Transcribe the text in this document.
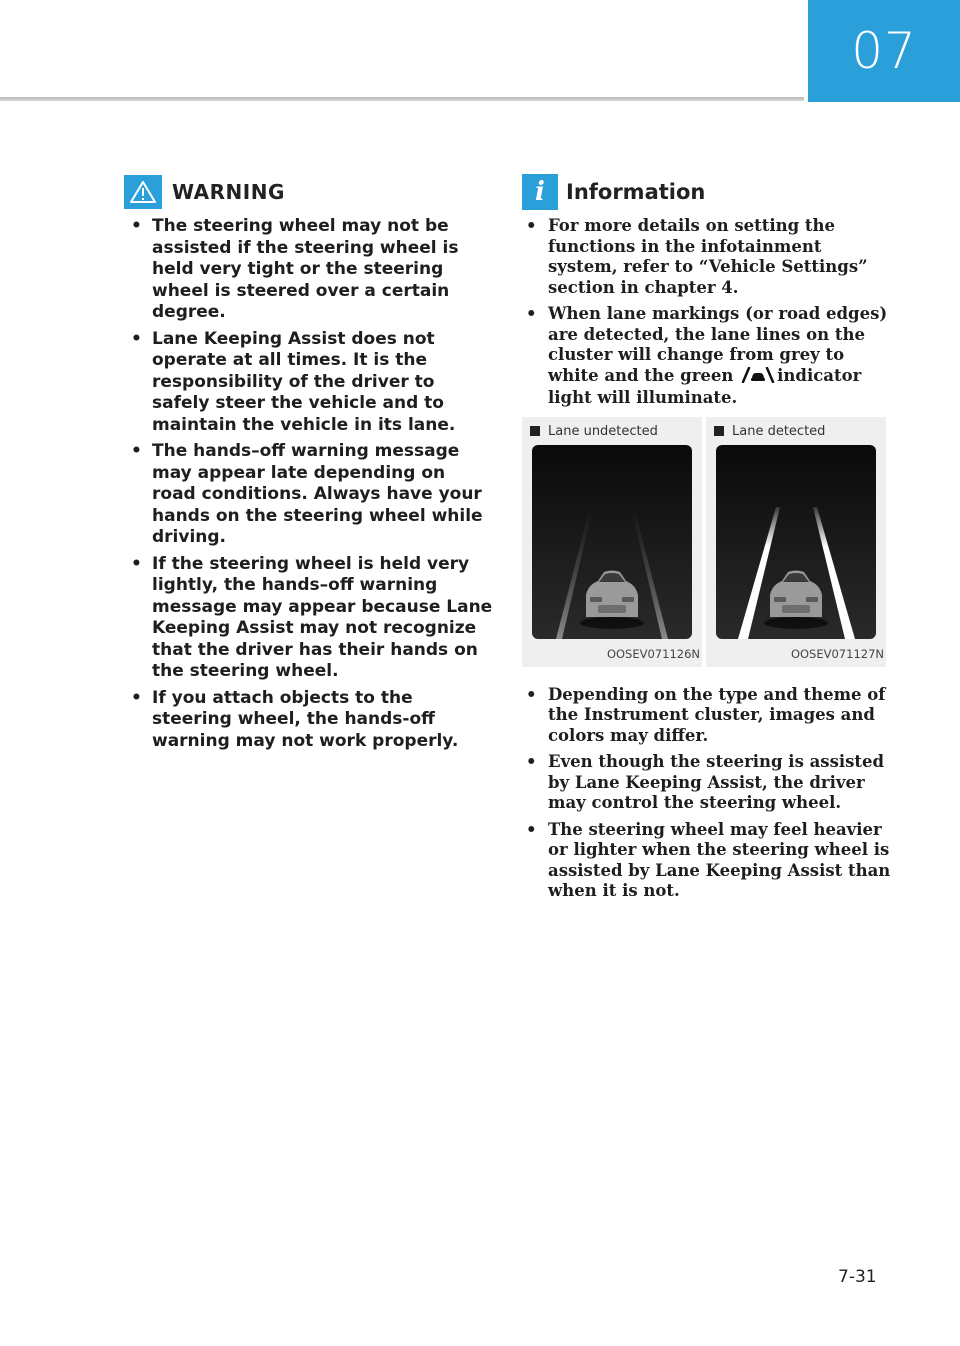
07
WARNING
• The steering wheel may not be assisted if the steering wheel is held very tight or the steering wheel is steered over a certain degree.
• Lane Keeping Assist does not operate at all times. It is the responsibility of the driver to safely steer the vehicle and to maintain the vehicle in its lane.
• The hands–off warning message may appear late depending on road conditions. Always have your hands on the steering wheel while driving.
• If the steering wheel is held very lightly, the hands–off warning message may appear because Lane Keeping Assist may not recognize that the driver has their hands on the steering wheel.
• If you attach objects to the steering wheel, the hands-off warning may not work properly.
i Information
• For more details on setting the functions in the infotainment system, refer to “Vehicle Settings” section in chapter 4.
• When lane markings (or road edges) are detected, the lane lines on the cluster will change from grey to white and the green	indicator light will illuminate.
Lane undetected
OOSEV071126N
Lane detected
OOSEV071127N
• Depending on the type and theme of the Instrument cluster, images and colors may differ.
• Even though the steering is assisted by Lane Keeping Assist, the driver may control the steering wheel.
• The steering wheel may feel heavier or lighter when the steering wheel is assisted by Lane Keeping Assist than when it is not.
7-31
